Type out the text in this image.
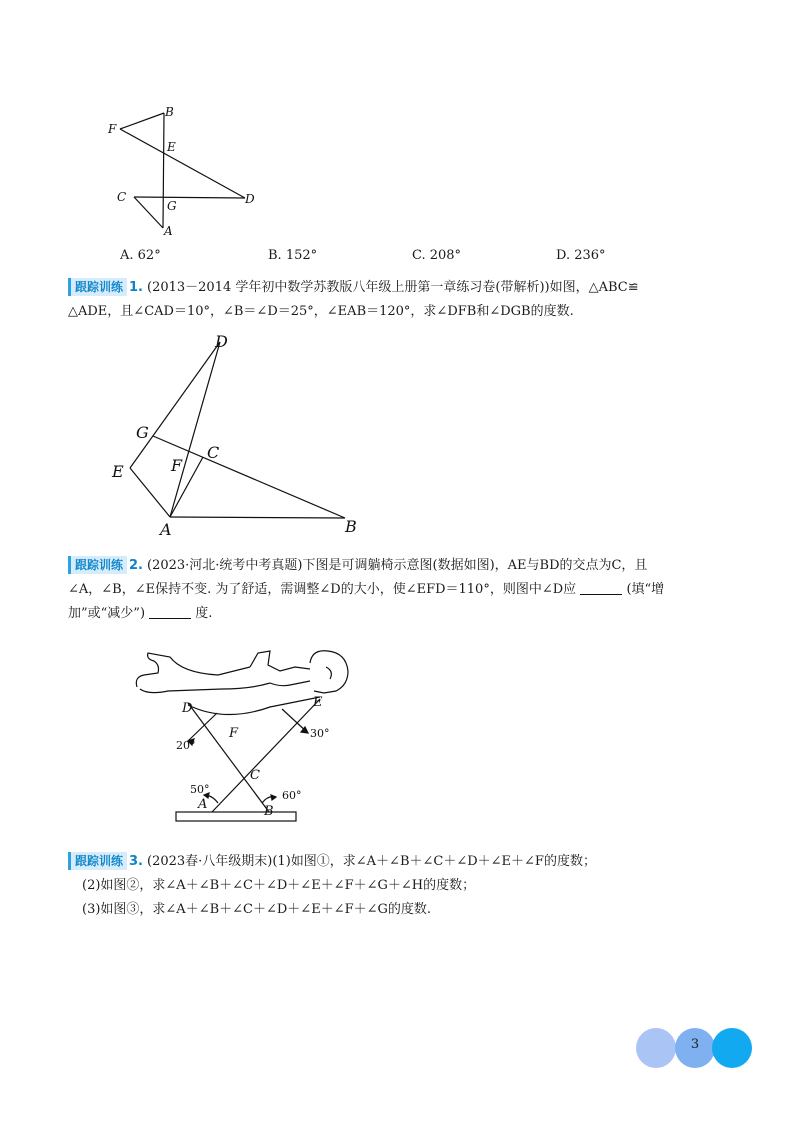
F
B
E
C
G	D
A
A. 62°	B. 152°	C. 208°	D. 236°
跟踪训练 1. (2013－2014 学年初中数学苏教版八年级上册第一章练习卷(带解析))如图，△ABC≌
△ADE，且∠CAD＝10°，∠B＝∠D＝25°，∠EAB＝120°，求∠DFB和∠DGB的度数.
D
G
C
F
E
A	B
跟踪训练 2. (2023·河北·统考中考真题)下图是可调躺椅示意图(数据如图)，AE与BD的交点为C，且
∠A，∠B，∠E保持不变. 为了舒适，需调整∠D的大小，使∠EFD＝110°，则图中∠D应	(填“增
加”或“减少”)	度.
D	E
F
C
A	B
20°
30°
50°	60°
跟踪训练 3. (2023春·八年级期末)(1)如图①，求∠A＋∠B＋∠C＋∠D＋∠E＋∠F的度数；
(2)如图②，求∠A＋∠B＋∠C＋∠D＋∠E＋∠F＋∠G＋∠H的度数；
(3)如图③，求∠A＋∠B＋∠C＋∠D＋∠E＋∠F＋∠G的度数.
3
